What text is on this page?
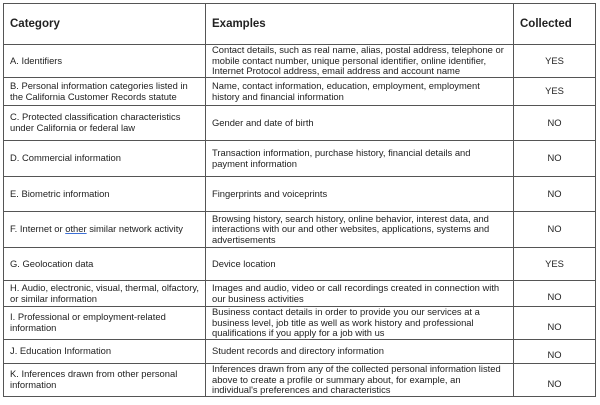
Category	Examples	Collected
A. Identifiers	Contact details, such as real name, alias, postal address, telephone or mobile contact number, unique personal identifier, online identifier, Internet Protocol address, email address and account name	YES
B. Personal information categories listed in the California Customer Records statute	Name, contact information, education, employment, employment history and financial information	YES
C. Protected classification characteristics under California or federal law	Gender and date of birth	NO
D. Commercial information	Transaction information, purchase history, financial details and payment information	NO
E. Biometric information	Fingerprints and voiceprints	NO
F. Internet or other similar network activity	Browsing history, search history, online behavior, interest data, and interactions with our and other websites, applications, systems and advertisements	NO
G. Geolocation data	Device location	YES
H. Audio, electronic, visual, thermal, olfactory, or similar information	Images and audio, video or call recordings created in connection with our business activities	NO
I. Professional or employment-related information	Business contact details in order to provide you our services at a business level, job title as well as work history and professional qualifications if you apply for a job with us	NO
J. Education Information	Student records and directory information	NO
K. Inferences drawn from other personal information	Inferences drawn from any of the collected personal information listed above to create a profile or summary about, for example, an individual's preferences and characteristics	NO
